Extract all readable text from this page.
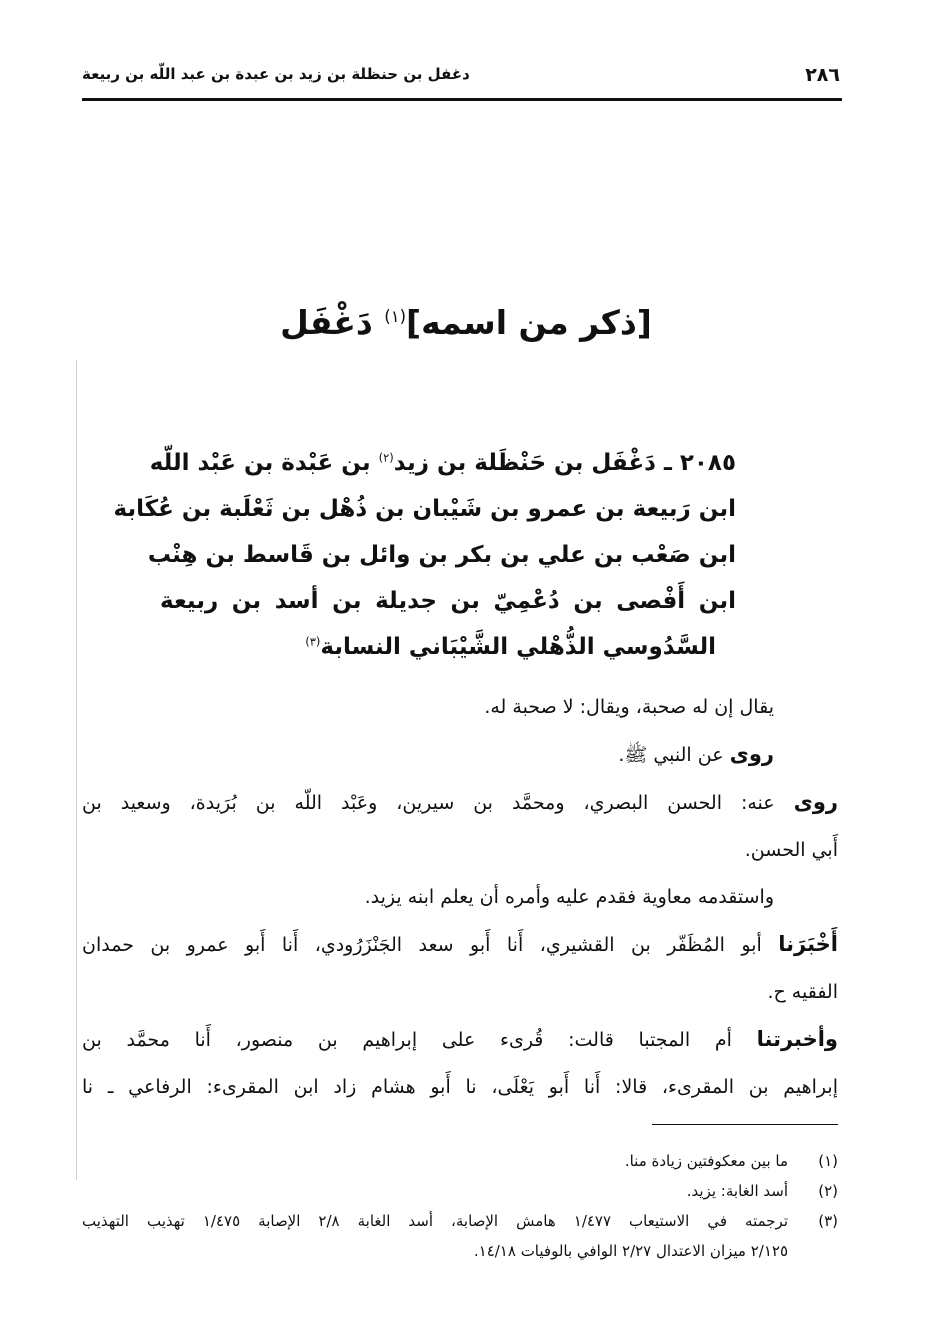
٢٨٦
دغفل بن حنظلة بن زيد بن عبدة بن عبد اللّه بن ربيعة
[ذكر من اسمه]$^{(١)}$ دَغْفَل
٢٠٨٥ ـ دَغْفَل بن حَنْظَلة بن زيد$^{(٢)}$ بن عَبْدة بن عَبْد اللّه
ابن رَبيعة بن عمرو بن شَيْبان بن ذُهْل بن ثَعْلَبة بن عُكَابة
ابن صَعْب بن علي بن بكر بن وائل بن قَاسط بن هِنْب
ابن أَفْصى بن دُعْمِيّ بن جديلة بن أسد بن ربيعة
السَّدُوسي الذُّهْلي الشَّيْبَاني النسابة$^{(٣)}$
يقال إن له صحبة، ويقال: لا صحبة له.
روى عن النبي ﷺ.
روى عنه: الحسن البصري، ومحمَّد بن سيرين، وعَبْد اللّه بن بُرَيدة، وسعيد بن
أَبي الحسن.
واستقدمه معاوية فقدم عليه وأمره أن يعلم ابنه يزيد.
أَخْبَرَنا أبو المُظَفّر بن القشيري، أَنا أَبو سعد الجَنْزَرُودي، أَنا أَبو عمرو بن حمدان
الفقيه ح.
وأخبرتنا أم المجتبا قالت: قُرىء على إبراهيم بن منصور، أَنا محمَّد بن
إبراهيم بن المقرىء، قالا: أَنا أَبو يَعْلَى، نا أَبو هشام زاد ابن المقرىء: الرفاعي ـ نا
(١)
ما بين معكوفتين زيادة منا.
(٢)
أسد الغابة: يزيد.
(٣)
ترجمته في الاستيعاب ١/٤٧٧ هامش الإصابة، أسد الغابة ٢/٨ الإصابة ١/٤٧٥ تهذيب التهذيب
٢/١٢٥ ميزان الاعتدال ٢/٢٧ الوافي بالوفيات ١٤/١٨.
